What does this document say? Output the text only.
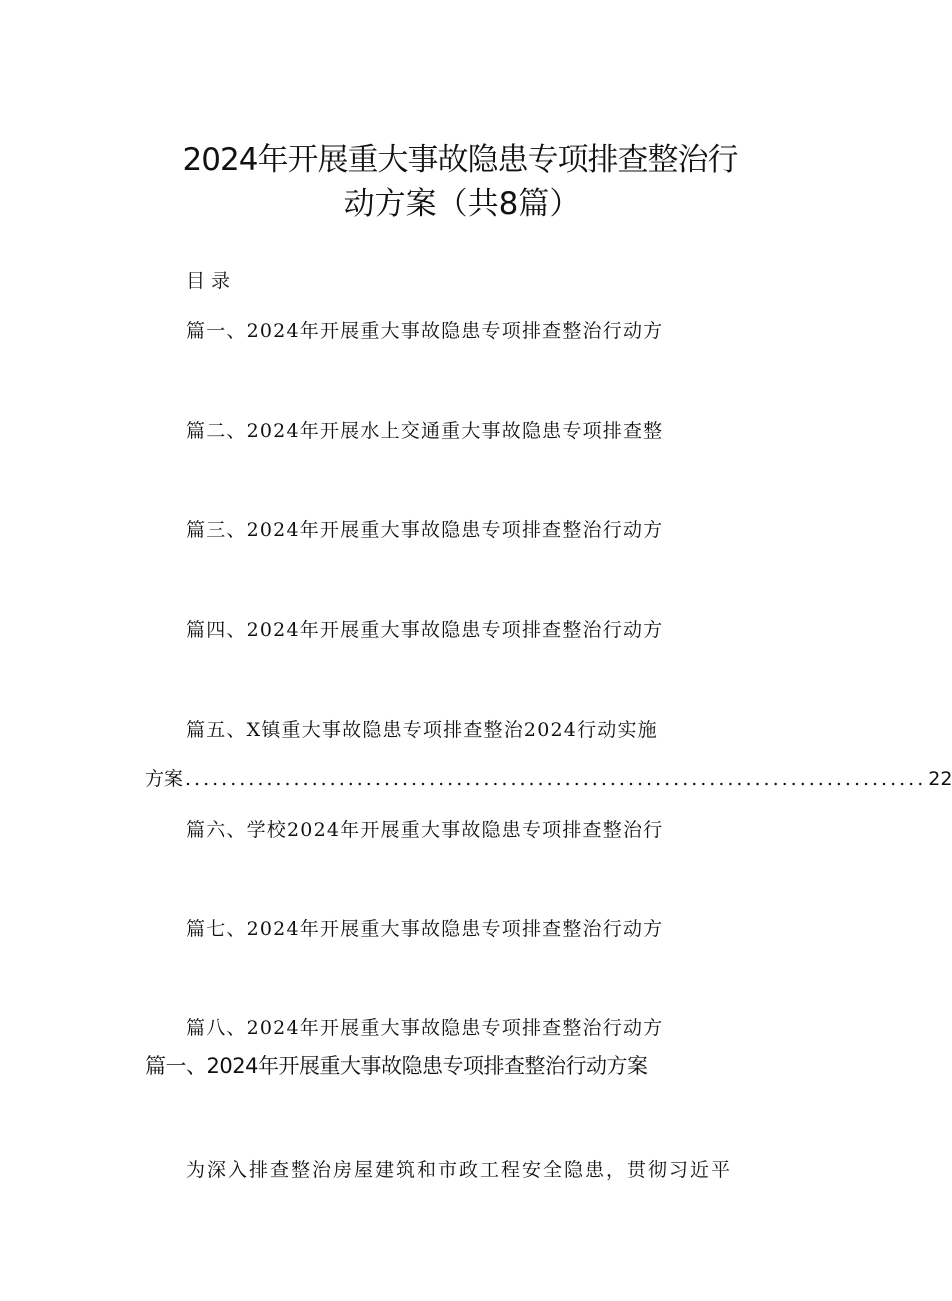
2024年开展重大事故隐患专项排查整治行
动方案（共8篇）
目录
篇一、2024年开展重大事故隐患专项排查整治行动方
篇二、2024年开展水上交通重大事故隐患专项排查整
篇三、2024年开展重大事故隐患专项排查整治行动方
篇四、2024年开展重大事故隐患专项排查整治行动方
篇五、X镇重大事故隐患专项排查整治2024行动实施
方案 .................................................................................. 22
篇六、学校2024年开展重大事故隐患专项排查整治行
篇七、2024年开展重大事故隐患专项排查整治行动方
篇八、2024年开展重大事故隐患专项排查整治行动方
篇一、2024年开展重大事故隐患专项排查整治行动方案
为深入排查整治房屋建筑和市政工程安全隐患，贯彻习近平
